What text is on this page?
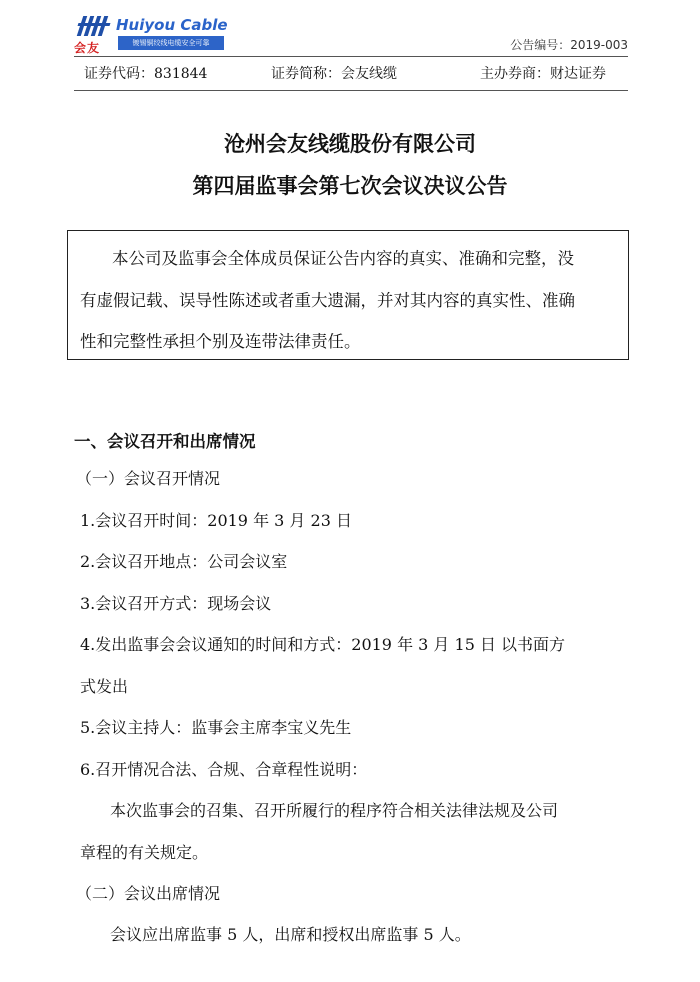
会友
Huiyou Cable
镀锡铜绞线电缆安全可靠	公告编号：2019-003
证券代码：831844	证券简称：会友线缆	主办券商：财达证券
沧州会友线缆股份有限公司
第四届监事会第七次会议决议公告
本公司及监事会全体成员保证公告内容的真实、准确和完整，没
有虚假记载、误导性陈述或者重大遗漏，并对其内容的真实性、准确
性和完整性承担个别及连带法律责任。
一、会议召开和出席情况
（一）会议召开情况
1.会议召开时间：2019 年 3 月 23 日
2.会议召开地点：公司会议室
3.会议召开方式：现场会议
4.发出监事会会议通知的时间和方式：2019 年 3 月 15 日 以书面方
式发出
5.会议主持人：监事会主席李宝义先生
6.召开情况合法、合规、合章程性说明：
本次监事会的召集、召开所履行的程序符合相关法律法规及公司
章程的有关规定。
（二）会议出席情况
会议应出席监事 5 人，出席和授权出席监事 5 人。
